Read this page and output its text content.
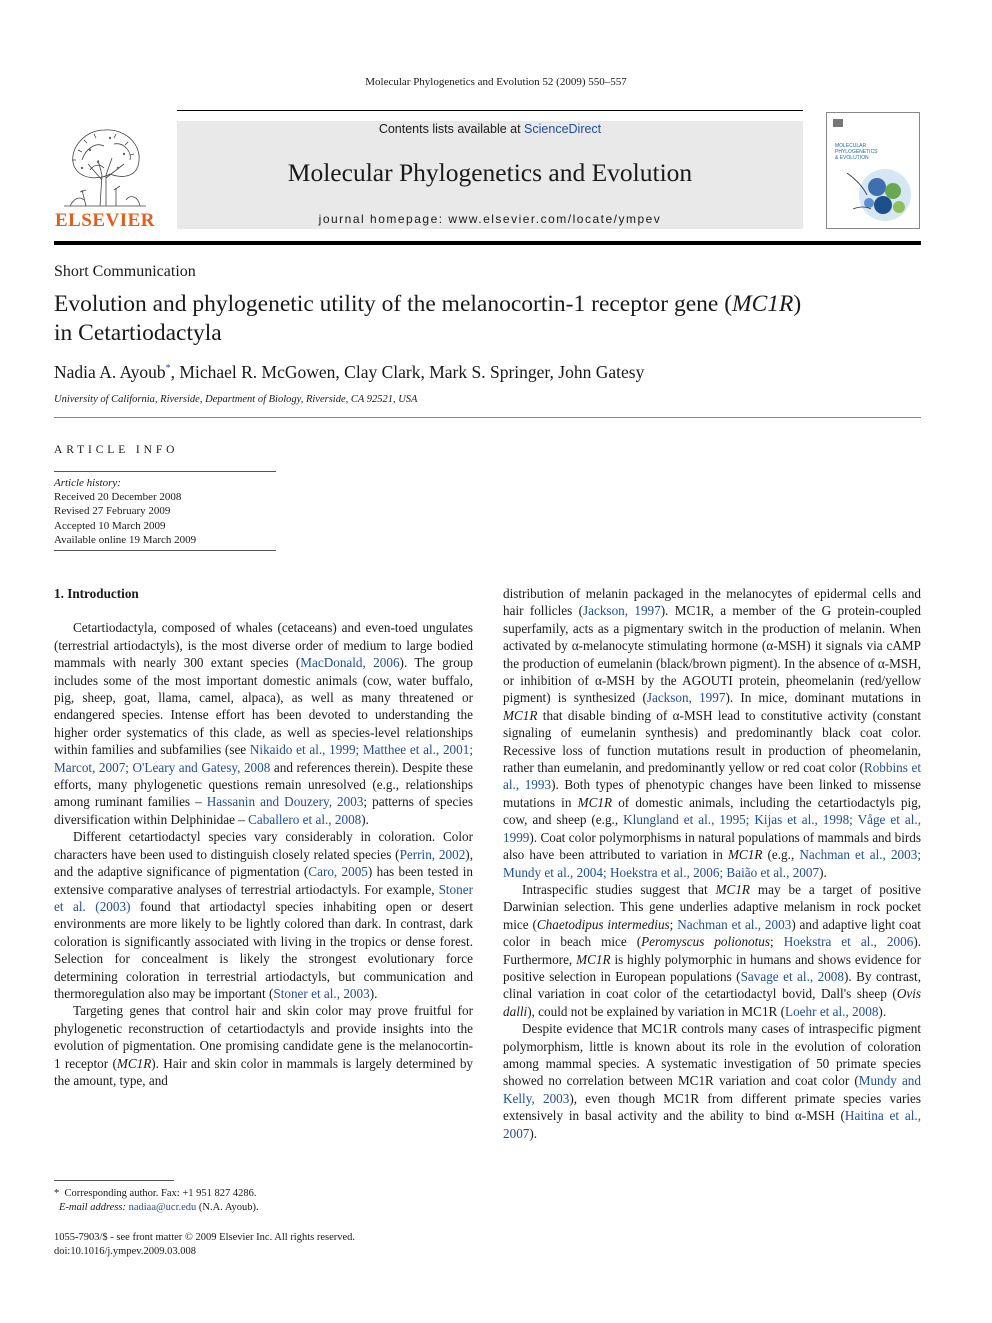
Molecular Phylogenetics and Evolution 52 (2009) 550–557
ELSEVIER
Contents lists available at ScienceDirect
Molecular Phylogenetics and Evolution
journal homepage: www.elsevier.com/locate/ympev
MOLECULAR
PHYLOGENETICS
& EVOLUTION
Short Communication
Evolution and phylogenetic utility of the melanocortin-1 receptor gene (MC1R)
in Cetartiodactyla
Nadia A. Ayoub*, Michael R. McGowen, Clay Clark, Mark S. Springer, John Gatesy
University of California, Riverside, Department of Biology, Riverside, CA 92521, USA
ARTICLE INFO
Article history:
Received 20 December 2008
Revised 27 February 2009
Accepted 10 March 2009
Available online 19 March 2009

1. Introduction

Cetartiodactyla, composed of whales (cetaceans) and even-toed ungulates (terrestrial artiodactyls), is the most diverse order of medium to large bodied mammals with nearly 300 extant species (MacDonald, 2006). The group includes some of the most important domestic animals (cow, water buffalo, pig, sheep, goat, llama, camel, alpaca), as well as many threatened or endangered species. Intense effort has been devoted to understanding the higher order systematics of this clade, as well as species-level relationships within families and subfamilies (see Nikaido et al., 1999; Matthee et al., 2001; Marcot, 2007; O'Leary and Gatesy, 2008 and references therein). Despite these efforts, many phylogenetic questions remain unresolved (e.g., relationships among ruminant families – Hassanin and Douzery, 2003; patterns of species diversification within Delphinidae – Caballero et al., 2008).

Different cetartiodactyl species vary considerably in coloration. Color characters have been used to distinguish closely related species (Perrin, 2002), and the adaptive significance of pigmentation (Caro, 2005) has been tested in extensive comparative analyses of terrestrial artiodactyls. For example, Stoner et al. (2003) found that artiodactyl species inhabiting open or desert environments are more likely to be lightly colored than dark. In contrast, dark coloration is significantly associated with living in the tropics or dense forest. Selection for concealment is likely the strongest evolutionary force determining coloration in terrestrial artiodactyls, but communication and thermoregulation also may be important (Stoner et al., 2003).

Targeting genes that control hair and skin color may prove fruitful for phylogenetic reconstruction of cetartiodactyls and provide insights into the evolution of pigmentation. One promising candidate gene is the melanocortin-1 receptor (MC1R). Hair and skin color in mammals is largely determined by the amount, type, and

distribution of melanin packaged in the melanocytes of epidermal cells and hair follicles (Jackson, 1997). MC1R, a member of the G protein-coupled superfamily, acts as a pigmentary switch in the production of melanin. When activated by α-melanocyte stimulating hormone (α-MSH) it signals via cAMP the production of eumelanin (black/brown pigment). In the absence of α-MSH, or inhibition of α-MSH by the AGOUTI protein, pheomelanin (red/yellow pigment) is synthesized (Jackson, 1997). In mice, dominant mutations in MC1R that disable binding of α-MSH lead to constitutive activity (constant signaling of eumelanin synthesis) and predominantly black coat color. Recessive loss of function mutations result in production of pheomelanin, rather than eumelanin, and predominantly yellow or red coat color (Robbins et al., 1993). Both types of phenotypic changes have been linked to missense mutations in MC1R of domestic animals, including the cetartiodactyls pig, cow, and sheep (e.g., Klungland et al., 1995; Kijas et al., 1998; Våge et al., 1999). Coat color polymorphisms in natural populations of mammals and birds also have been attributed to variation in MC1R (e.g., Nachman et al., 2003; Mundy et al., 2004; Hoekstra et al., 2006; Baião et al., 2007).

Intraspecific studies suggest that MC1R may be a target of positive Darwinian selection. This gene underlies adaptive melanism in rock pocket mice (Chaetodipus intermedius; Nachman et al., 2003) and adaptive light coat color in beach mice (Peromyscus polionotus; Hoekstra et al., 2006). Furthermore, MC1R is highly polymorphic in humans and shows evidence for positive selection in European populations (Savage et al., 2008). By contrast, clinal variation in coat color of the cetartiodactyl bovid, Dall's sheep (Ovis dalli), could not be explained by variation in MC1R (Loehr et al., 2008).

Despite evidence that MC1R controls many cases of intraspecific pigment polymorphism, little is known about its role in the evolution of coloration among mammal species. A systematic investigation of 50 primate species showed no correlation between MC1R variation and coat color (Mundy and Kelly, 2003), even though MC1R from different primate species varies extensively in basal activity and the ability to bind α-MSH (Haitina et al., 2007).

* Corresponding author. Fax: +1 951 827 4286.
E-mail address: nadiaa@ucr.edu (N.A. Ayoub).
1055-7903/$ - see front matter © 2009 Elsevier Inc. All rights reserved.
doi:10.1016/j.ympev.2009.03.008
